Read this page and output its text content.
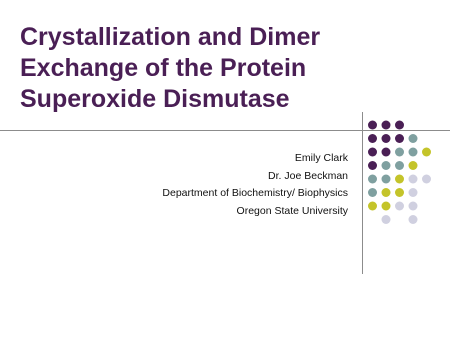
Crystallization and Dimer
Exchange of the Protein
Superoxide Dismutase
Emily Clark
Dr. Joe Beckman
Department of Biochemistry/ Biophysics
Oregon State University
